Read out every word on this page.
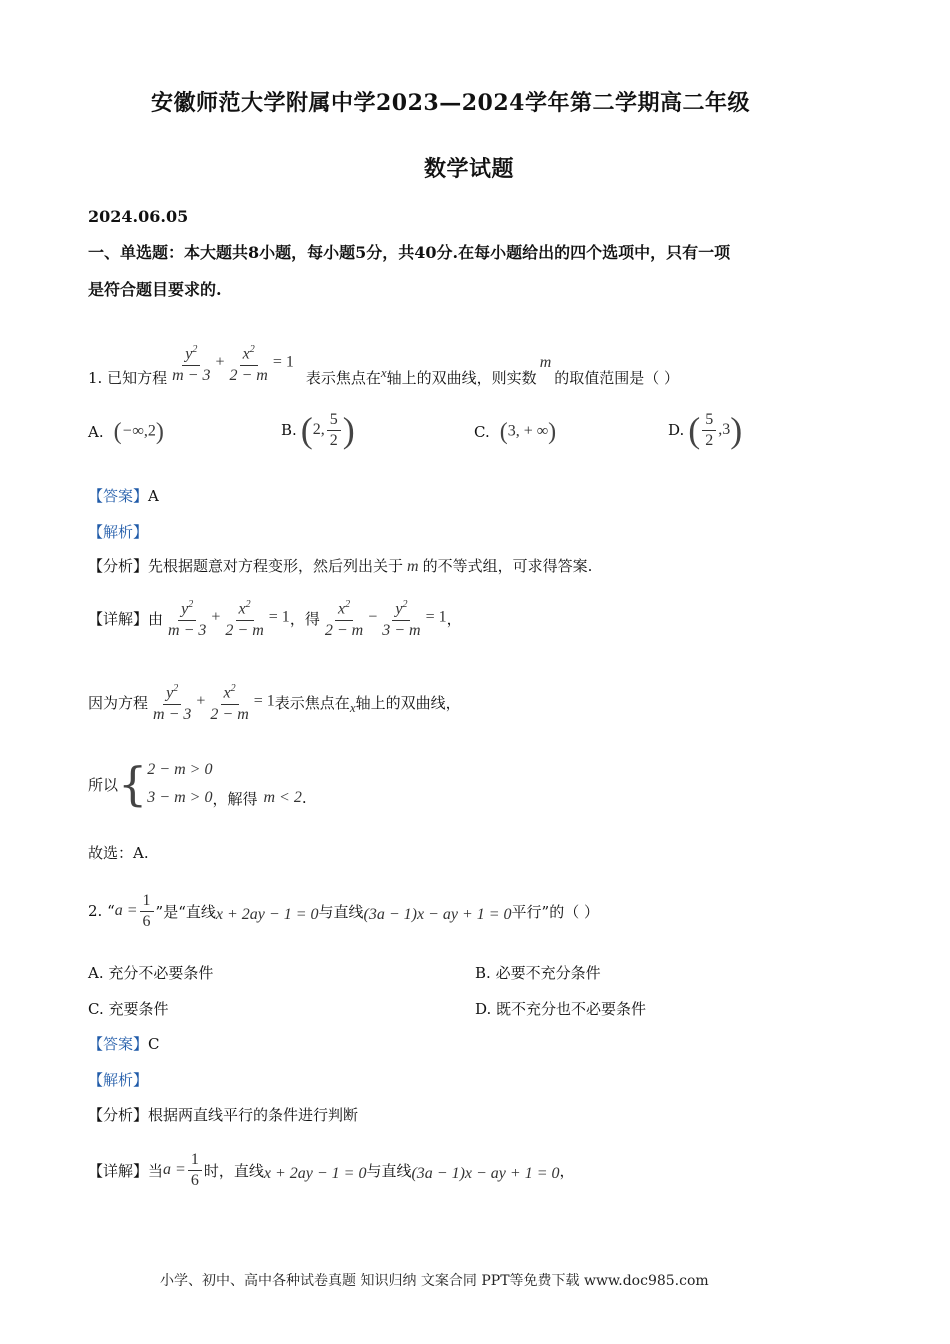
安徽师范大学附属中学2023—2024学年第二学期高二年级
数学试题
2024.06.05
一、单选题：本大题共8小题，每小题5分，共40分.在每小题给出的四个选项中，只有一项
是符合题目要求的.
1. 已知方程 $\frac{y^2}{m - 3} + \frac{x^2}{2 - m} = 1$
表示焦点在 x 轴上的双曲线，则实数
m
的取值范围是（ ）
A. (−∞,2)	B. ( 2, $\frac{5}{2}$ )	C. (3, + ∞)	D. ( $\frac{5}{2} ,3$ )
【答案】A
【解析】
【分析】先根据题意对方程变形，然后列出关于 m 的不等式组，可求得答案.
【详解】 由 $\frac{y^2}{m - 3} + \frac{x^2}{2 - m} = 1$ ，得 $\frac{x^2}{2 - m} - \frac{y^2}{3 - m} = 1$ ，
因为方程 $\frac{y^2}{m - 3} + \frac{x^2}{2 - m} = 1$ 表示焦点在 x 轴上的双曲线，
所以 { 2 − m > 0
3 − m > 0 ，解得 m < 2 .
故选：A.
2. “ $a = \frac{1}{6}$ ”是“直线 x + 2ay − 1 = 0 与直线 (3a − 1)x − ay + 1 = 0 平行”的（ ）
A. 充分不必要条件	B. 必要不充分条件
C. 充要条件	D. 既不充分也不必要条件
【答案】C
【解析】
【分析】根据两直线平行的条件进行判断
【详解】 当 $a = \frac{1}{6}$ 时，直线 x + 2ay − 1 = 0 与直线 (3a − 1)x − ay + 1 = 0 ，
小学、初中、高中各种试卷真题 知识归纳 文案合同 PPT等免费下载 www.doc985.com
